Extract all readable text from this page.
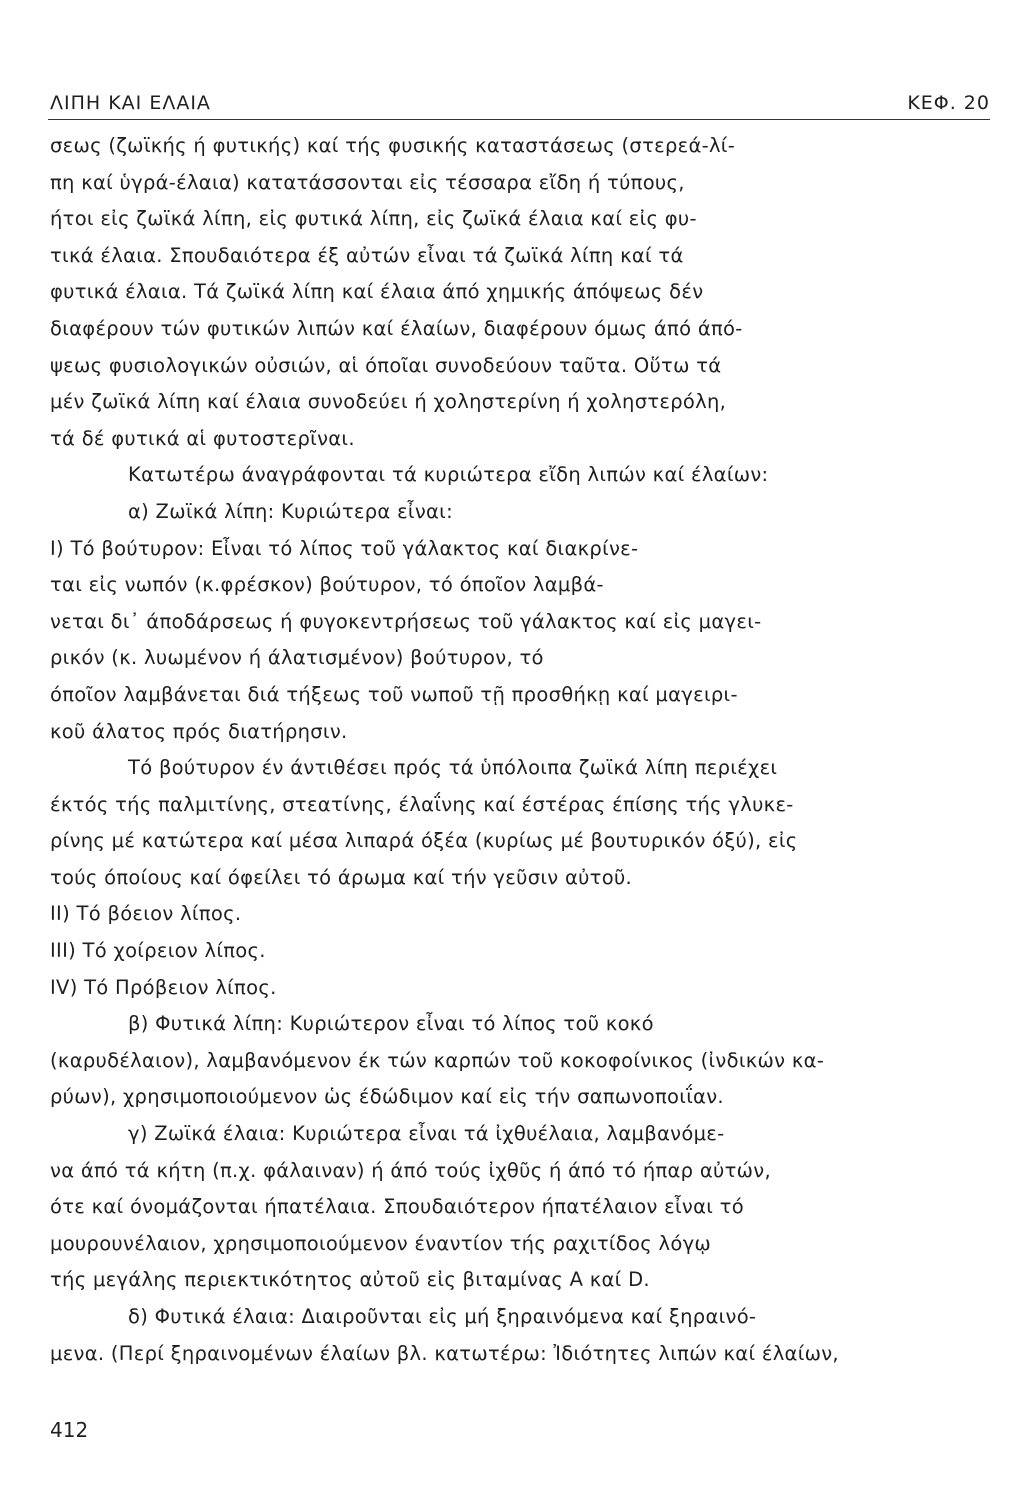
ΛΙΠΗ ΚΑΙ ΕΛΑΙΑ	ΚΕΦ. 20
σεως (ζωϊκής ή φυτικής) καί τής φυσικής καταστάσεως (στερεά-λί-
πη καί ὑγρά-έλαια) κατατάσσονται εἰς τέσσαρα εἴδη ή τύπους,
ήτοι εἰς ζωϊκά λίπη, εἰς φυτικά λίπη, εἰς ζωϊκά έλαια καί εἰς φυ-
τικά έλαια. Σπουδαιότερα έξ αὐτών εἶναι τά ζωϊκά λίπη καί τά
φυτικά έλαια. Τά ζωϊκά λίπη καί έλαια άπό χημικής άπόψεως δέν
διαφέρουν τών φυτικών λιπών καί έλαίων, διαφέρουν όμως άπό άπό-
ψεως φυσιολογικών οὐσιών, αἱ όποῖαι συνοδεύουν ταῦτα. Οὕτω τά
μέν ζωϊκά λίπη καί έλαια συνοδεύει ή χοληστερίνη ή χοληστερόλη,
τά δέ φυτικά αἱ φυτοστερῖναι.
Κατωτέρω άναγράφονται τά κυριώτερα εἴδη λιπών καί έλαίων:
α) Ζωϊκά λίπη: Κυριώτερα εἶναι:
Ι) Τό βούτυρον: Εἶναι τό λίπος τοῦ γάλακτος καί διακρίνε-
ται εἰς νωπόν (κ.φρέσκον) βούτυρον, τό όποῖον λαμβά-
νεται δι᾽ άποδάρσεως ή φυγοκεντρήσεως τοῦ γάλακτος καί εἰς μαγει-
ρικόν (κ. λυωμένον ή άλατισμένον) βούτυρον, τό
όποῖον λαμβάνεται διά τήξεως τοῦ νωποῦ τῇ προσθήκῃ καί μαγειρι-
κοῦ άλατος πρός διατήρησιν.
Τό βούτυρον έν άντιθέσει πρός τά ὑπόλοιπα ζωϊκά λίπη περιέχει
έκτός τής παλμιτίνης, στεατίνης, έλαΐνης καί έστέρας έπίσης τής γλυκε-
ρίνης μέ κατώτερα καί μέσα λιπαρά όξέα (κυρίως μέ βουτυρικόν όξύ), εἰς
τούς όποίους καί όφείλει τό άρωμα καί τήν γεῦσιν αὐτοῦ.
ΙΙ) Τό βόειον λίπος.
ΙΙΙ) Τό χοίρειον λίπος.
ΙV) Τό Πρόβειον λίπος.
β) Φυτικά λίπη: Κυριώτερον εἶναι τό λίπος τοῦ κοκό
(καρυδέλαιον), λαμβανόμενον έκ τών καρπών τοῦ κοκοφοίνικος (ἰνδικών κα-
ρύων), χρησιμοποιούμενον ὡς έδώδιμον καί εἰς τήν σαπωνοποιΐαν.
γ) Ζωϊκά έλαια: Κυριώτερα εἶναι τά ἰχθυέλαια, λαμβανόμε-
να άπό τά κήτη (π.χ. φάλαιναν) ή άπό τούς ἰχθῦς ή άπό τό ήπαρ αὐτών,
ότε καί όνομάζονται ήπατέλαια. Σπουδαιότερον ήπατέλαιον εἶναι τό
μουρουνέλαιον, χρησιμοποιούμενον έναντίον τής ραχιτίδος λόγῳ
τής μεγάλης περιεκτικότητος αὐτοῦ εἰς βιταμίνας Α καί D.
δ) Φυτικά έλαια: Διαιροῦνται εἰς μή ξηραινόμενα καί ξηραινό-
μενα. (Περί ξηραινομένων έλαίων βλ. κατωτέρω: Ἰδιότητες λιπών καί έλαίων,
412
